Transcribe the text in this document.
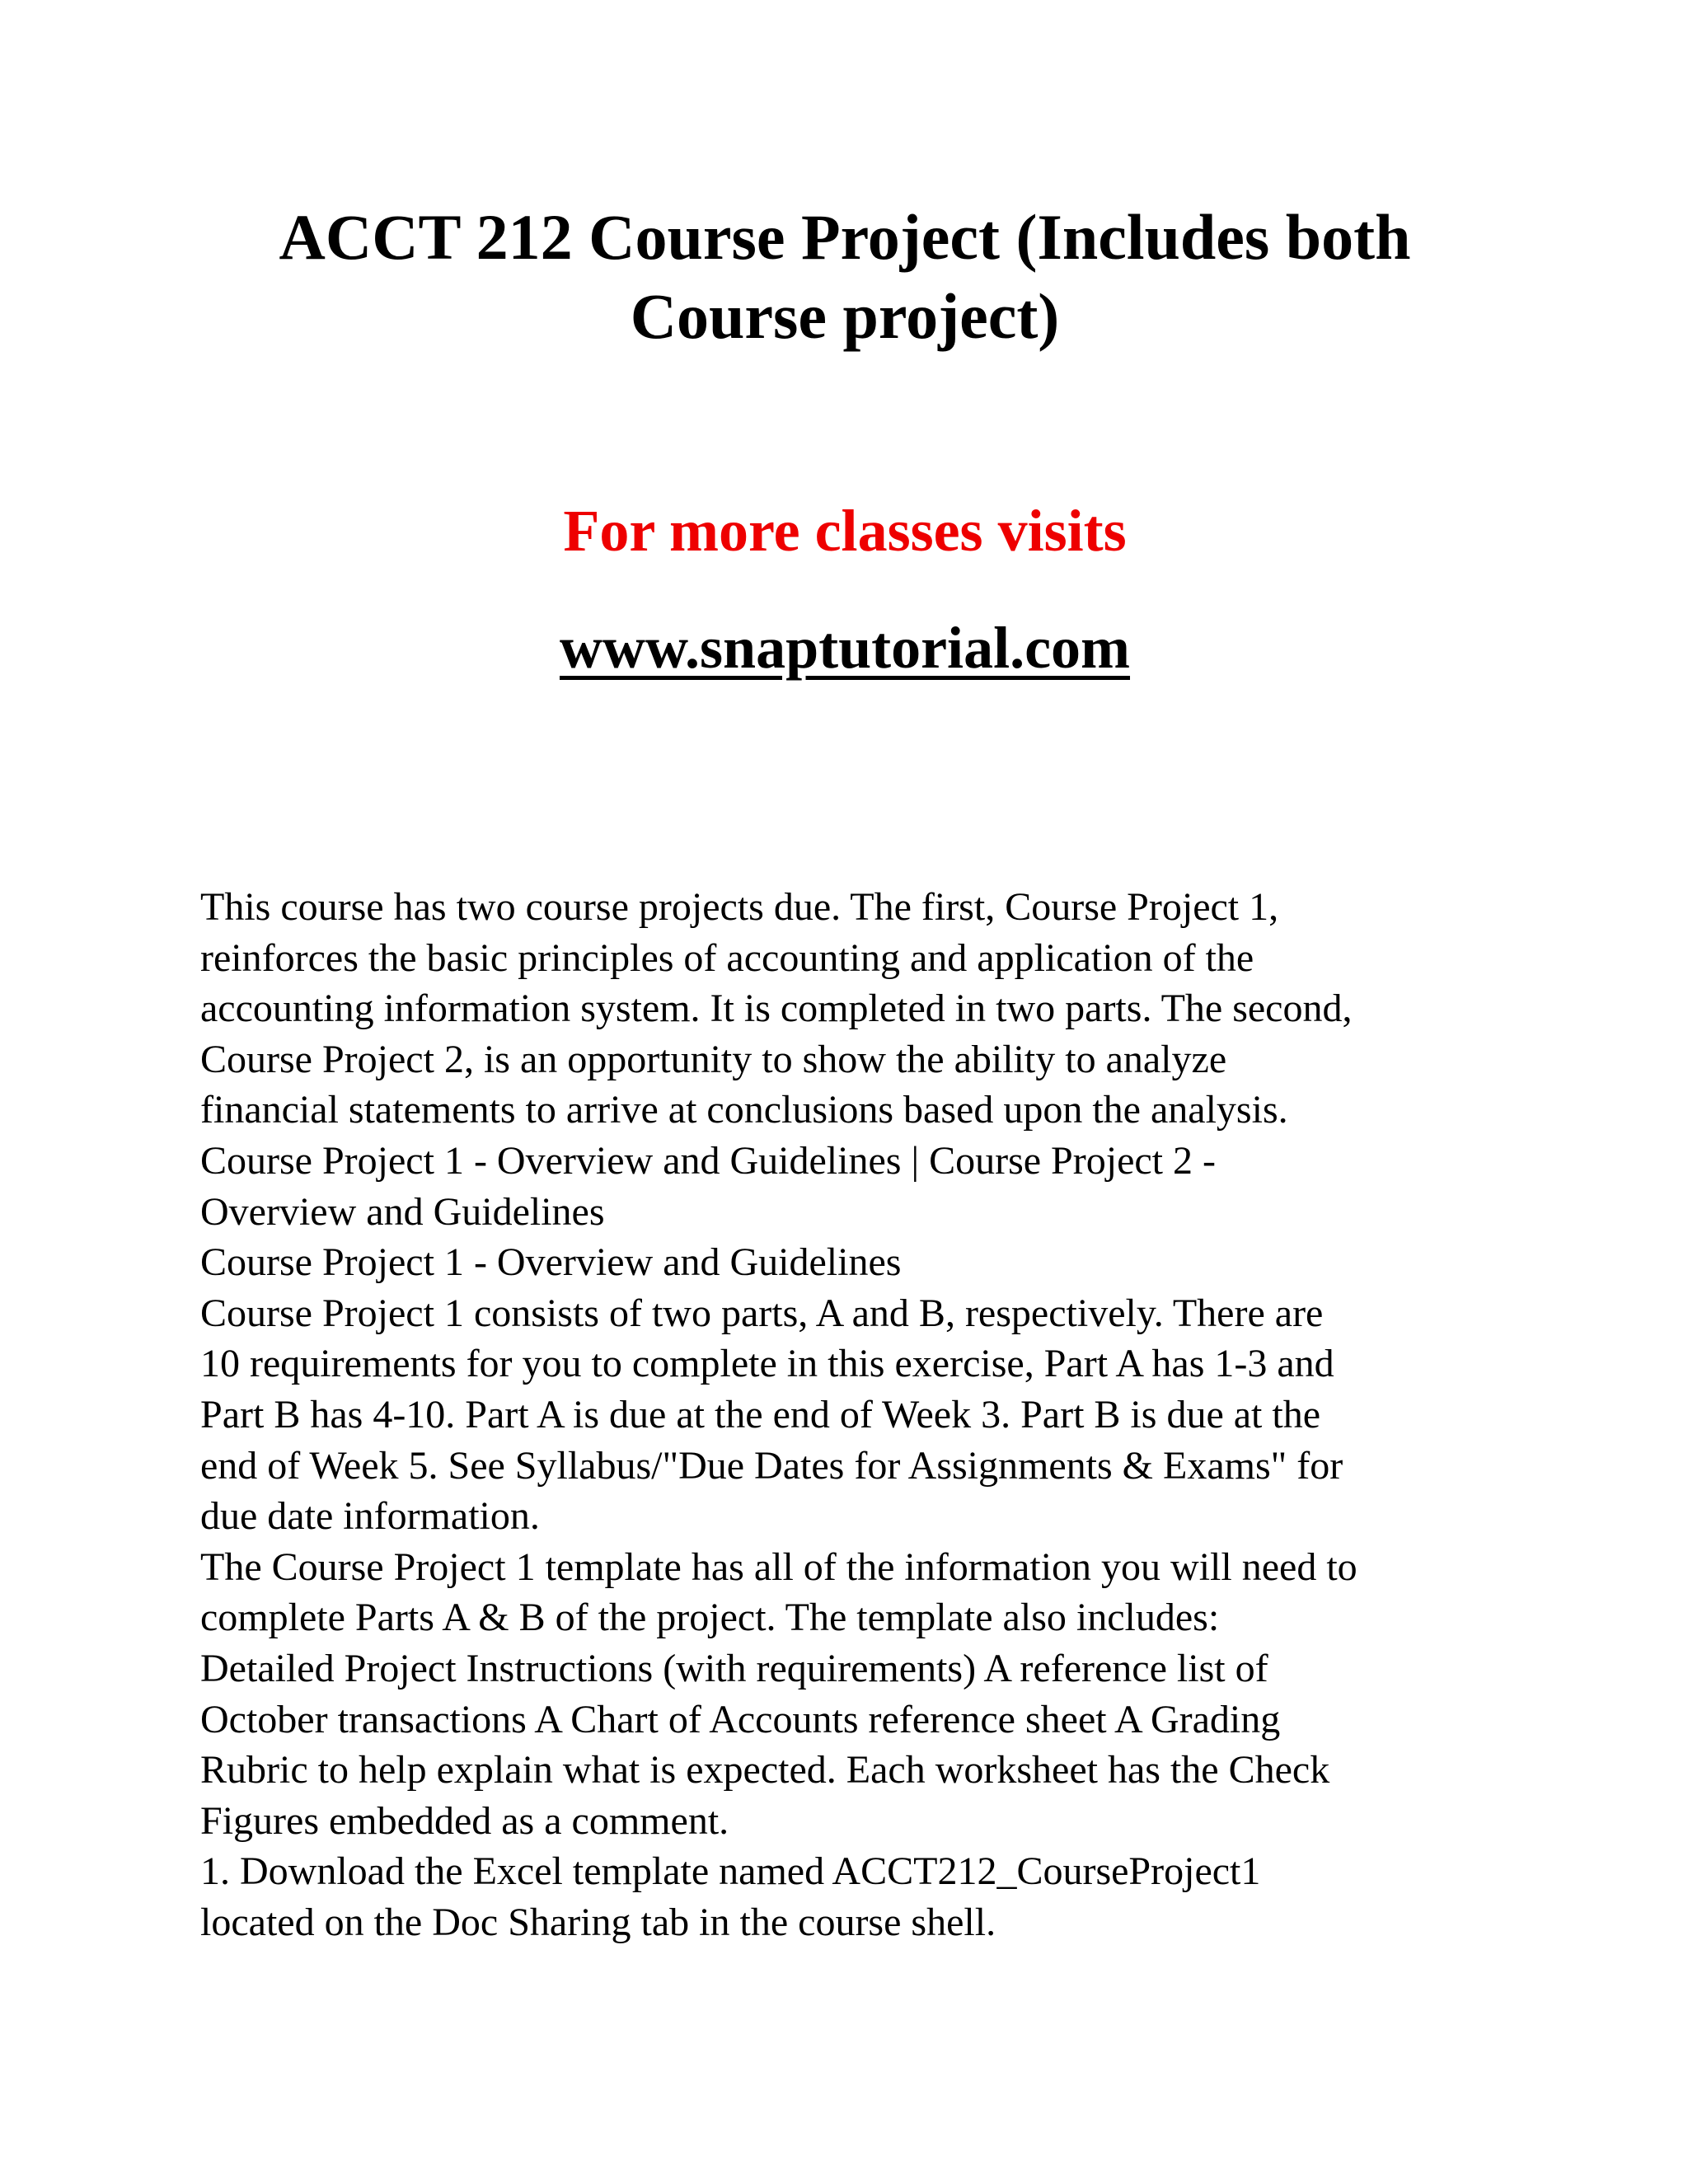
ACCT 212 Course Project (Includes both
Course project)

For more classes visits

www.snaptutorial.com

This course has two course projects due. The first, Course Project 1,
reinforces the basic principles of accounting and application of the
accounting information system. It is completed in two parts. The second,
Course Project 2, is an opportunity to show the ability to analyze
financial statements to arrive at conclusions based upon the analysis.
Course Project 1 - Overview and Guidelines | Course Project 2 -
Overview and Guidelines
Course Project 1 - Overview and Guidelines
Course Project 1 consists of two parts, A and B, respectively. There are
10 requirements for you to complete in this exercise, Part A has 1-3 and
Part B has 4-10. Part A is due at the end of Week 3. Part B is due at the
end of Week 5. See Syllabus/"Due Dates for Assignments & Exams" for
due date information.
The Course Project 1 template has all of the information you will need to
complete Parts A & B of the project. The template also includes:
Detailed Project Instructions (with requirements) A reference list of
October transactions A Chart of Accounts reference sheet A Grading
Rubric to help explain what is expected. Each worksheet has the Check
Figures embedded as a comment.
1. Download the Excel template named ACCT212_CourseProject1
located on the Doc Sharing tab in the course shell.
